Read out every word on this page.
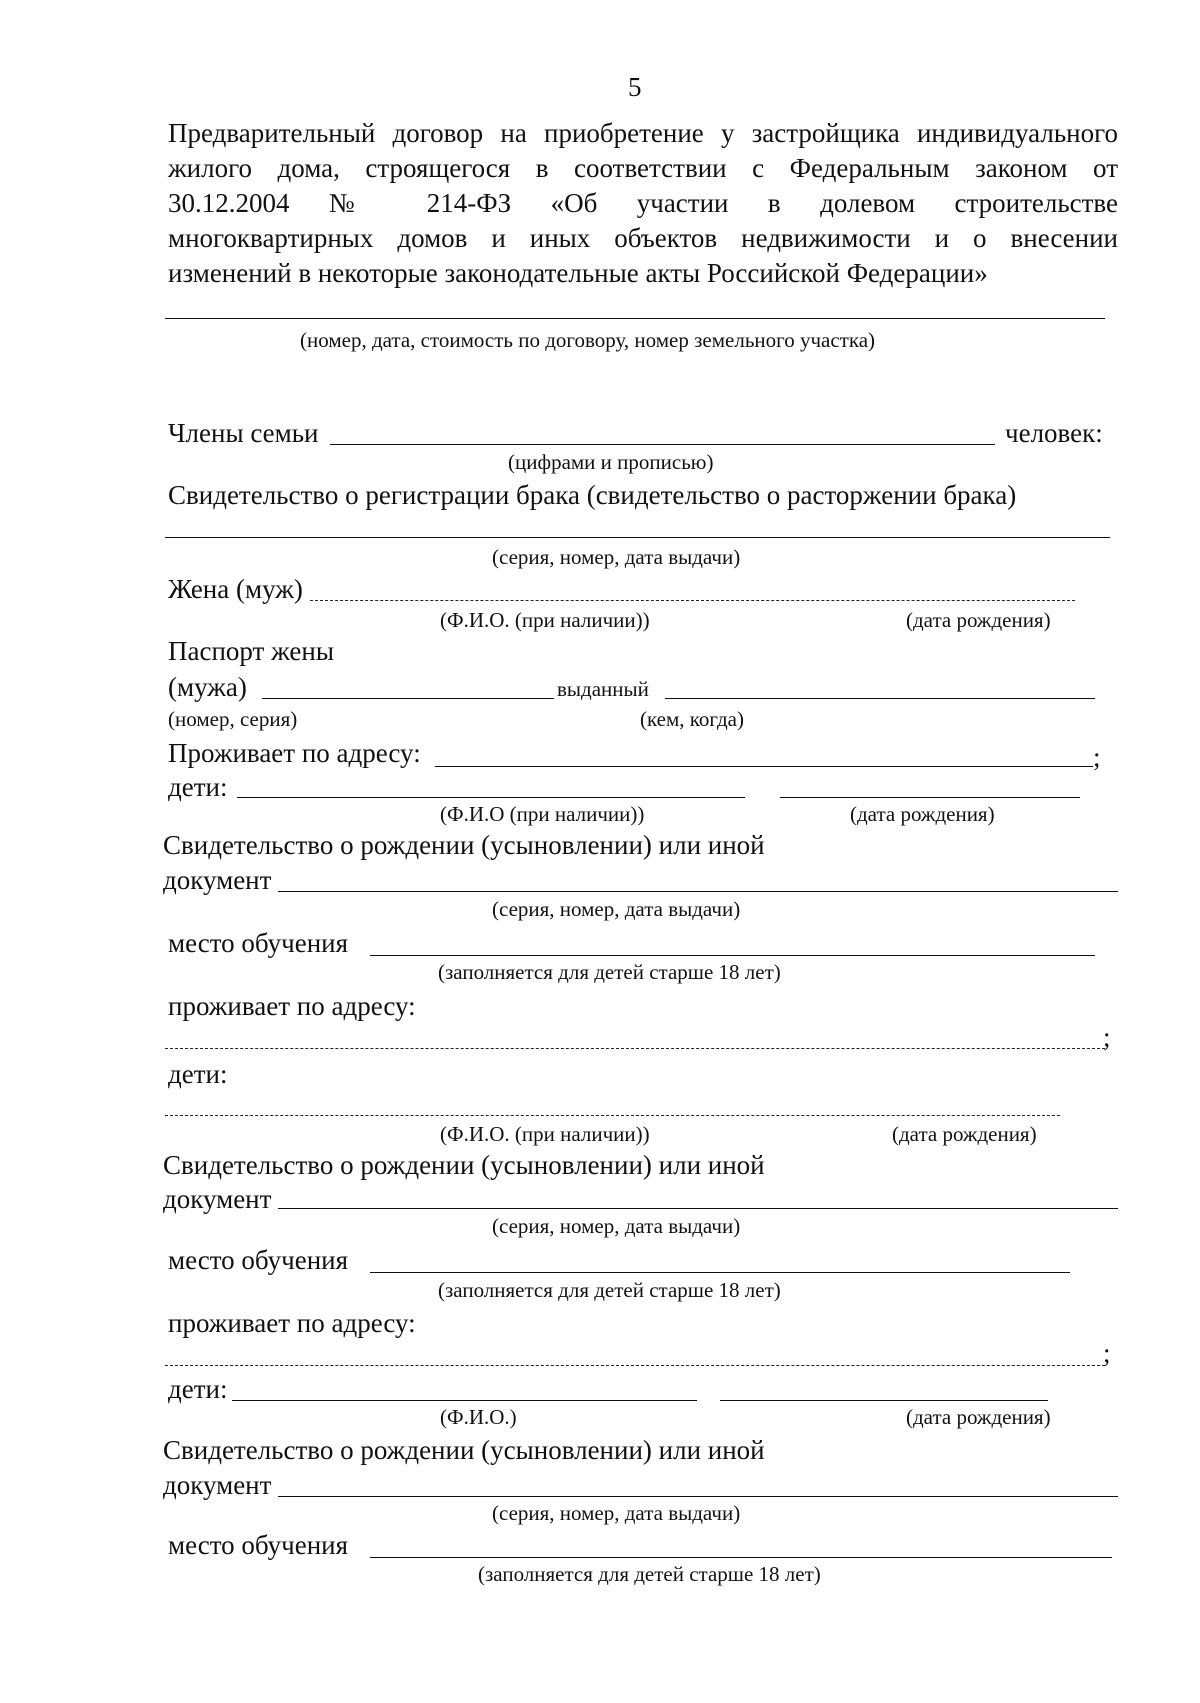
5
Предварительный договор на приобретение у застройщика индивидуального
жилого дома, строящегося в соответствии с Федеральным законом от
30.12.2004 № 214-ФЗ «Об участии в долевом строительстве
многоквартирных домов и иных объектов недвижимости и о внесении
изменений в некоторые законодательные акты Российской Федерации»
(номер, дата, стоимость по договору, номер земельного участка)
Члены семьи	человек:
(цифрами и прописью)
Свидетельство о регистрации брака (свидетельство о расторжении брака)
(серия, номер, дата выдачи)
Жена (муж)
(Ф.И.О. (при наличии))	(дата рождения)
Паспорт жены
(мужа)	выданный
(номер, серия)	(кем, когда)
Проживает по адресу:	;
дети:
(Ф.И.О (при наличии))	(дата рождения)
Свидетельство о рождении (усыновлении) или иной
документ
(серия, номер, дата выдачи)
место обучения
(заполняется для детей старше 18 лет)
проживает по адресу:
;
дети:
(Ф.И.О. (при наличии))	(дата рождения)
Свидетельство о рождении (усыновлении) или иной
документ
(серия, номер, дата выдачи)
место обучения
(заполняется для детей старше 18 лет)
проживает по адресу:
;
дети:
(Ф.И.О.)	(дата рождения)
Свидетельство о рождении (усыновлении) или иной
документ
(серия, номер, дата выдачи)
место обучения
(заполняется для детей старше 18 лет)
